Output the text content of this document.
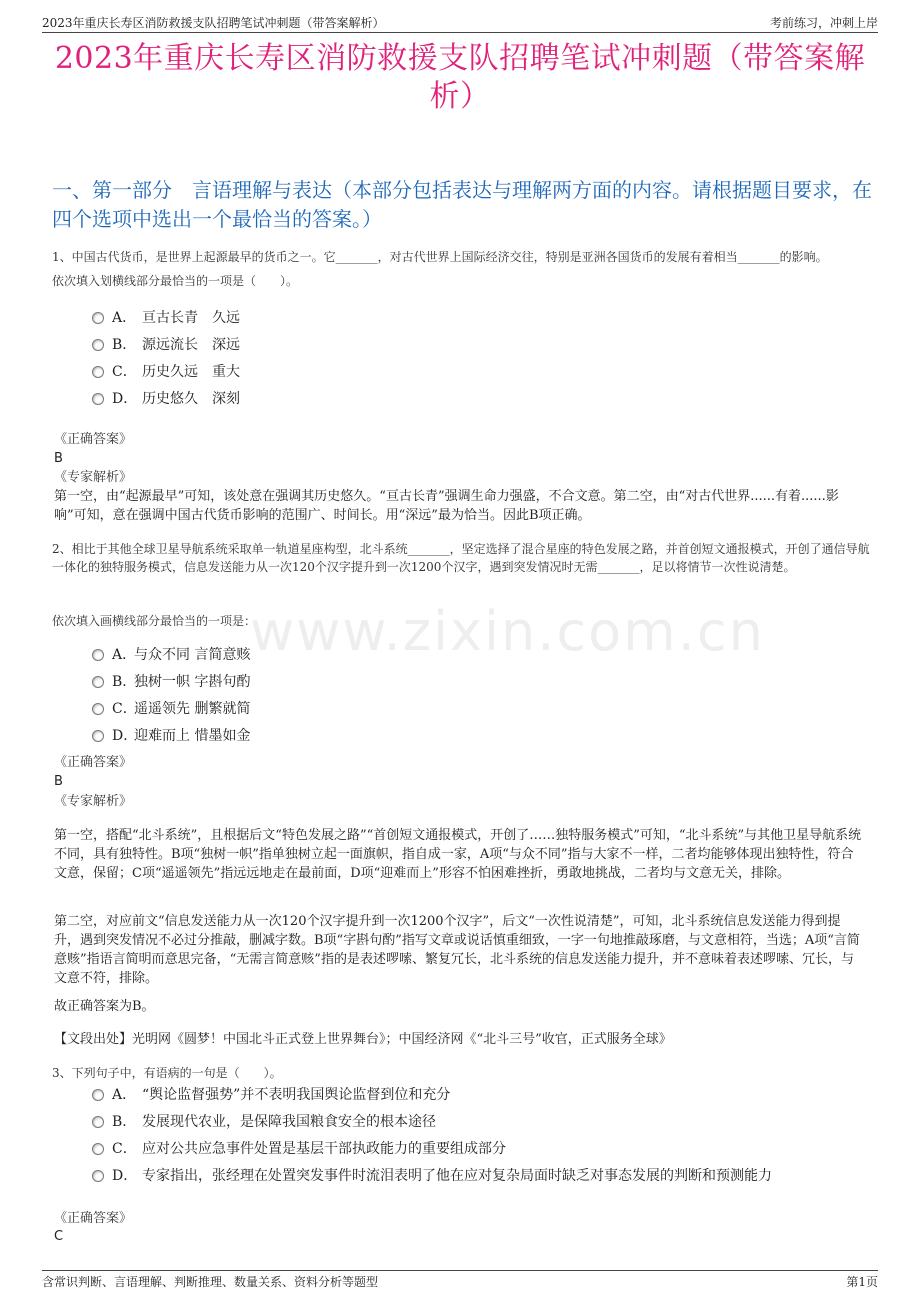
2023年重庆长寿区消防救援支队招聘笔试冲刺题（带答案解析）	考前练习，冲刺上岸
2023年重庆长寿区消防救援支队招聘笔试冲刺题（带答案解
析）
一、第一部分　言语理解与表达（本部分包括表达与理解两方面的内容。请根据题目要求，在四个选项中选出一个最恰当的答案。）
www.zixin.com.cn

1、中国古代货币，是世界上起源最早的货币之一。它_______，对古代世界上国际经济交往，特别是亚洲各国货币的发展有着相当_______的影响。

依次填入划横线部分最恰当的一项是（　　）。

A． 亘古长青　久远
B． 源远流长　深远
C． 历史久远　重大
D． 历史悠久　深刻
《正确答案》
B
《专家解析》

第一空，由“起源最早”可知，该处意在强调其历史悠久。“亘古长青”强调生命力强盛，不合文意。第二空，由“对古代世界......有着......影响”可知，意在强调中国古代货币影响的范围广、时间长。用“深远”最为恰当。因此B项正确。

2、相比于其他全球卫星导航系统采取单一轨道星座构型，北斗系统_______，坚定选择了混合星座的特色发展之路，并首创短文通报模式，开创了通信导航一体化的独特服务模式，信息发送能力从一次120个汉字提升到一次1200个汉字，遇到突发情况时无需_______，足以将情节一次性说清楚。

依次填入画横线部分最恰当的一项是：
A．与众不同 言简意赅
B．独树一帜 字斟句酌
C．遥遥领先 删繁就简
D．迎难而上 惜墨如金
《正确答案》
B
《专家解析》

第一空，搭配“北斗系统”，且根据后文“特色发展之路”“首创短文通报模式，开创了……独特服务模式”可知，“北斗系统”与其他卫星导航系统不同，具有独特性。B项“独树一帜”指单独树立起一面旗帜，指自成一家，A项“与众不同”指与大家不一样，二者均能够体现出独特性，符合文意，保留；C项“遥遥领先”指远远地走在最前面，D项“迎难而上”形容不怕困难挫折，勇敢地挑战，二者均与文意无关，排除。

第二空，对应前文“信息发送能力从一次120个汉字提升到一次1200个汉字”，后文“一次性说清楚”，可知，北斗系统信息发送能力得到提升，遇到突发情况不必过分推敲，删减字数。B项“字斟句酌”指写文章或说话慎重细致，一字一句地推敲琢磨，与文意相符，当选；A项“言简意赅”指语言简明而意思完备，“无需言简意赅”指的是表述啰嗦、繁复冗长，北斗系统的信息发送能力提升，并不意味着表述啰嗦、冗长，与文意不符，排除。

故正确答案为B。

【文段出处】光明网《圆梦！中国北斗正式登上世界舞台》；中国经济网《“北斗三号”收官，正式服务全球》

3、下列句子中，有语病的一句是（　　）。

A． “舆论监督强势”并不表明我国舆论监督到位和充分
B． 发展现代农业，是保障我国粮食安全的根本途径
C． 应对公共应急事件处置是基层干部执政能力的重要组成部分
D． 专家指出，张经理在处置突发事件时流泪表明了他在应对复杂局面时缺乏对事态发展的判断和预测能力
《正确答案》
C
含常识判断、言语理解、判断推理、数量关系、资料分析等题型	第1页
